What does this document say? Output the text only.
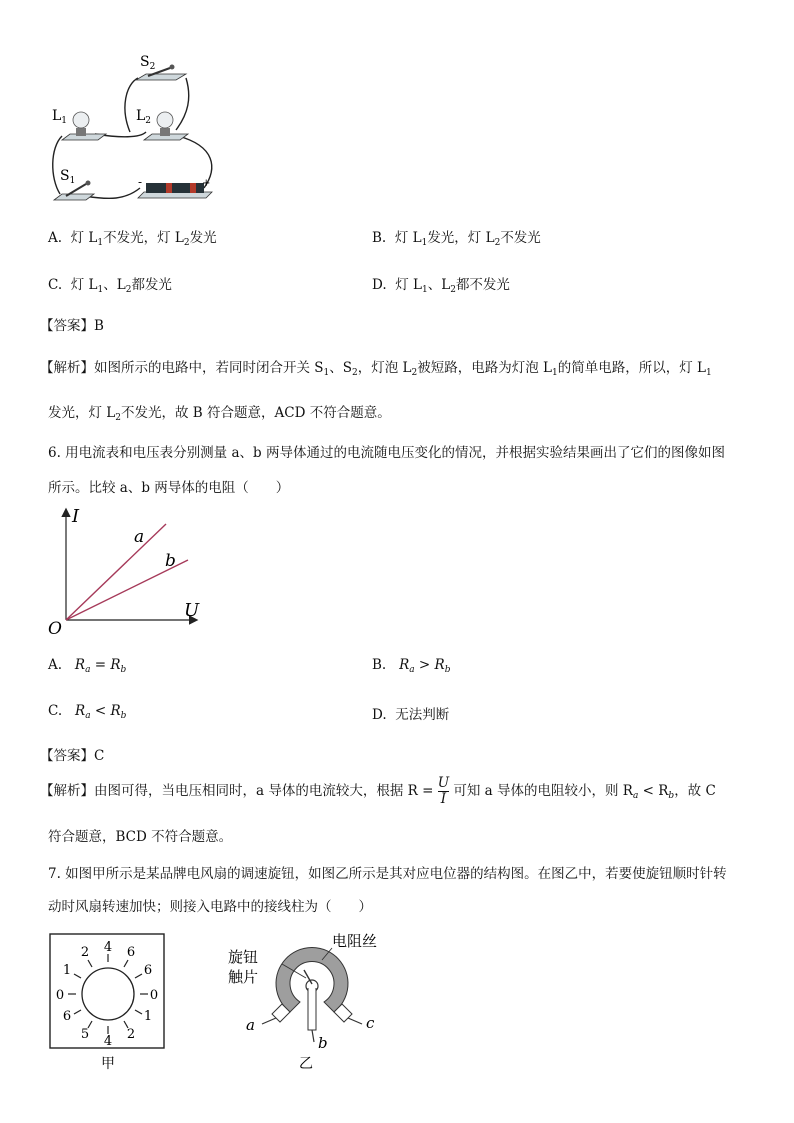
$S_2$
$L_1$	$L_2$
$S_1$	-	+
A. 灯 $L_1$不发光，灯 $L_2$发光	B. 灯 $L_1$发光，灯 $L_2$不发光
C. 灯 $L_1$、$L_2$都发光	D. 灯 $L_1$、$L_2$都不发光
【答案】B
【解析】如图所示的电路中，若同时闭合开关 $S_1$、$S_2$，灯泡 $L_2$被短路，电路为灯泡 $L_1$的简单电路，所以，灯 $L_1$
发光，灯 $L_2$不发光，故 B 符合题意，ACD 不符合题意。
6. 用电流表和电压表分别测量 a、b 两导体通过的电流随电压变化的情况，并根据实验结果画出了它们的图像如图
所示。比较 a、b 两导体的电阻（　　）
I
U
O
a
b
A. $R_a = R_b$	B. $R_a > R_b$
C. $R_a < R_b$	D. 无法判断
【答案】C
【解析】由图可得，当电压相同时，a 导体的电流较大，根据 $R = \frac{U}{I}$ 可知 a 导体的电阻较小，则 $R_a < R_b$，故 C
符合题意，BCD 不符合题意。
7. 如图甲所示是某品牌电风扇的调速旋钮，如图乙所示是其对应电位器的结构图。在图乙中，若要使旋钮顺时针转
动时风扇转速加快；则接入电路中的接线柱为（　　）
4
2	6
1	6
0	0
6	1
5	2
4
甲
电阻丝
旋钮
触片
a
b
c
乙
